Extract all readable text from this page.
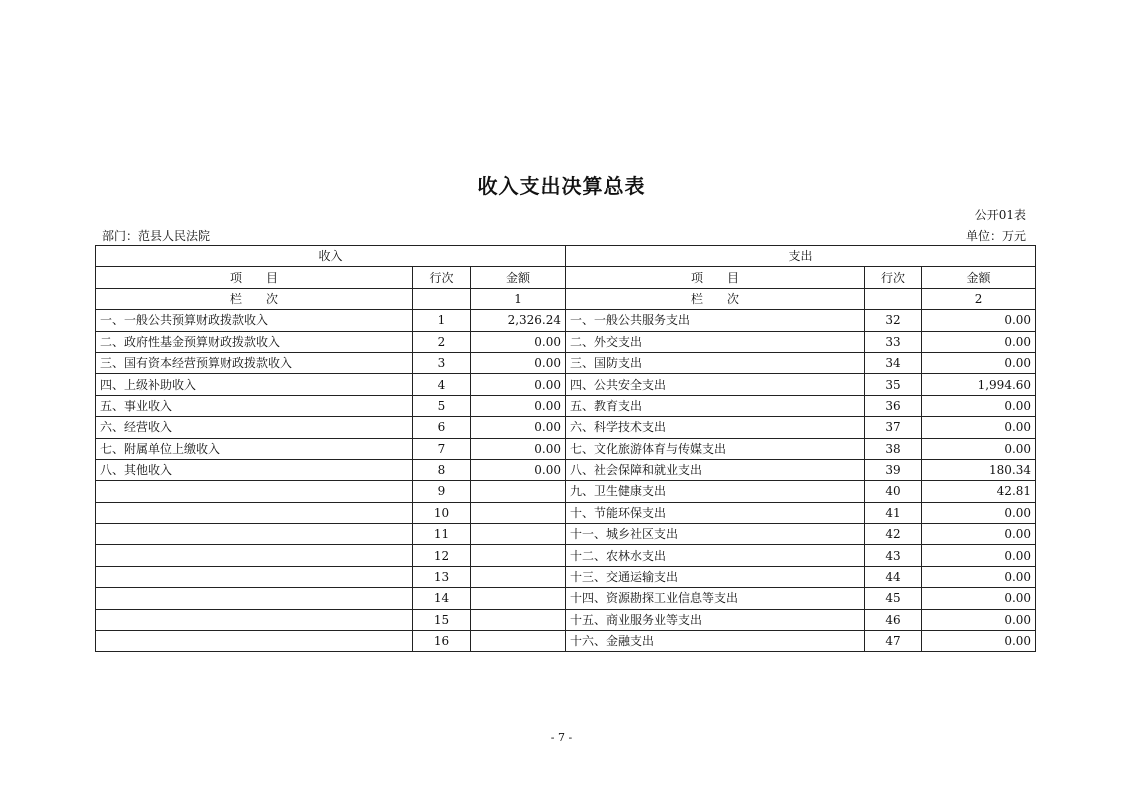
收入支出决算总表
公开01表
部门：范县人民法院	单位：万元
收入			支出		
项　　目	行次	金额	项　　目	行次	金额
栏　　次		1	栏　　次		2
一、一般公共预算财政拨款收入	1	2,326.24	一、一般公共服务支出	32	0.00
二、政府性基金预算财政拨款收入	2	0.00	二、外交支出	33	0.00
三、国有资本经营预算财政拨款收入	3	0.00	三、国防支出	34	0.00
四、上级补助收入	4	0.00	四、公共安全支出	35	1,994.60
五、事业收入	5	0.00	五、教育支出	36	0.00
六、经营收入	6	0.00	六、科学技术支出	37	0.00
七、附属单位上缴收入	7	0.00	七、文化旅游体育与传媒支出	38	0.00
八、其他收入	8	0.00	八、社会保障和就业支出	39	180.34
	9		九、卫生健康支出	40	42.81
	10		十、节能环保支出	41	0.00
	11		十一、城乡社区支出	42	0.00
	12		十二、农林水支出	43	0.00
	13		十三、交通运输支出	44	0.00
	14		十四、资源勘探工业信息等支出	45	0.00
	15		十五、商业服务业等支出	46	0.00
	16		十六、金融支出	47	0.00
- 7 -
